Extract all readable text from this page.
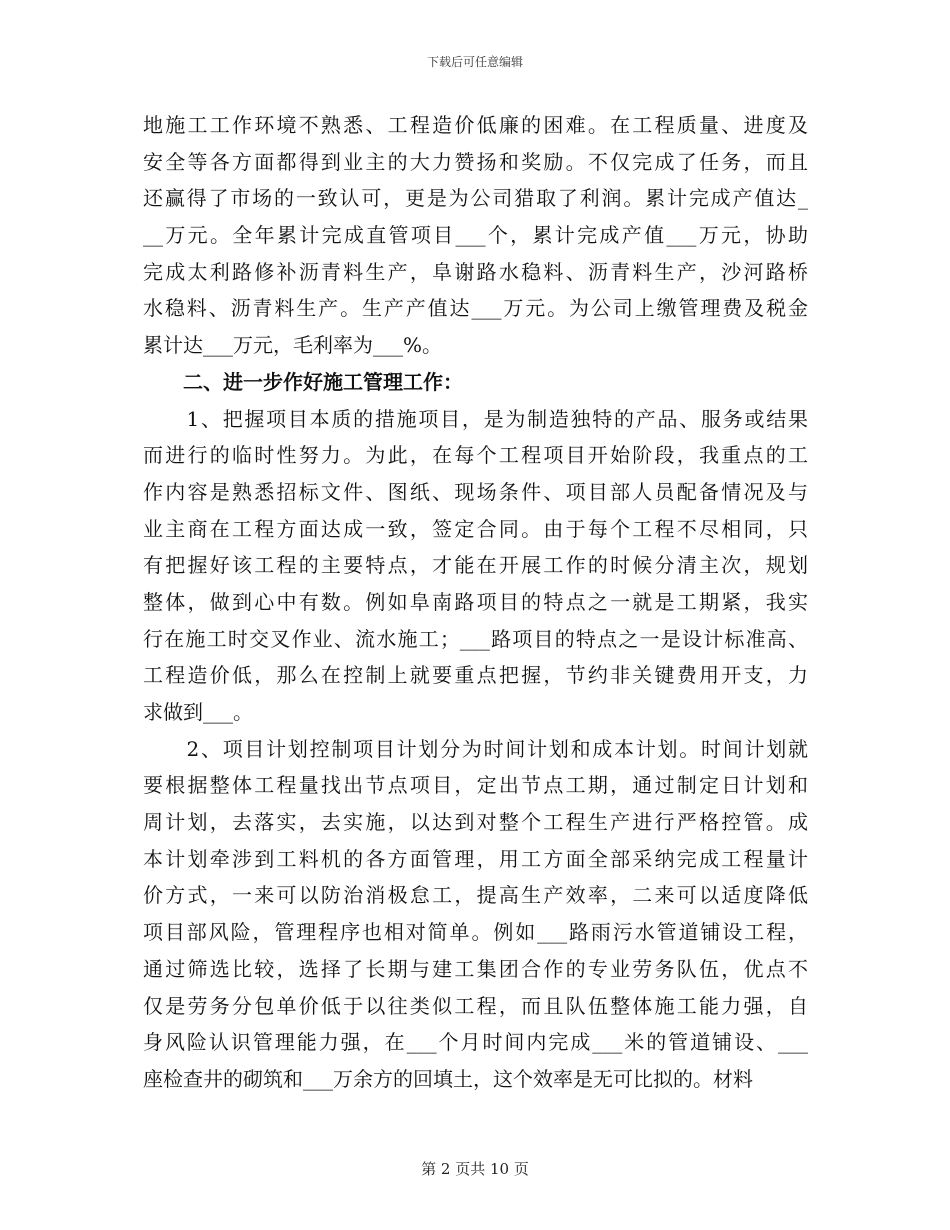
下载后可任意编辑
地施工工作环境不熟悉、工程造价低廉的困难。在工程质量、进度及
安全等各方面都得到业主的大力赞扬和奖励。不仅完成了任务，而且
还赢得了市场的一致认可，更是为公司猎取了利润。累计完成产值达_
__万元。全年累计完成直管项目___个，累计完成产值___万元，协助
完成太利路修补沥青料生产，阜谢路水稳料、沥青料生产，沙河路桥
水稳料、沥青料生产。生产产值达___万元。为公司上缴管理费及税金
累计达___万元，毛利率为___%。
　　二、进一步作好施工管理工作：
　　1、把握项目本质的措施项目，是为制造独特的产品、服务或结果
而进行的临时性努力。为此，在每个工程项目开始阶段，我重点的工
作内容是熟悉招标文件、图纸、现场条件、项目部人员配备情况及与
业主商在工程方面达成一致，签定合同。由于每个工程不尽相同，只
有把握好该工程的主要特点，才能在开展工作的时候分清主次，规划
整体，做到心中有数。例如阜南路项目的特点之一就是工期紧，我实
行在施工时交叉作业、流水施工；___路项目的特点之一是设计标准高、
工程造价低，那么在控制上就要重点把握，节约非关键费用开支，力
求做到___。
　　2、项目计划控制项目计划分为时间计划和成本计划。时间计划就
要根据整体工程量找出节点项目，定出节点工期，通过制定日计划和
周计划，去落实，去实施，以达到对整个工程生产进行严格控管。成
本计划牵涉到工料机的各方面管理，用工方面全部采纳完成工程量计
价方式，一来可以防治消极怠工，提高生产效率，二来可以适度降低
项目部风险，管理程序也相对简单。例如___路雨污水管道铺设工程，
通过筛选比较，选择了长期与建工集团合作的专业劳务队伍，优点不
仅是劳务分包单价低于以往类似工程，而且队伍整体施工能力强，自
身风险认识管理能力强，在___个月时间内完成___米的管道铺设、___
座检查井的砌筑和___万余方的回填土，这个效率是无可比拟的。材料
第 2 页共 10 页
